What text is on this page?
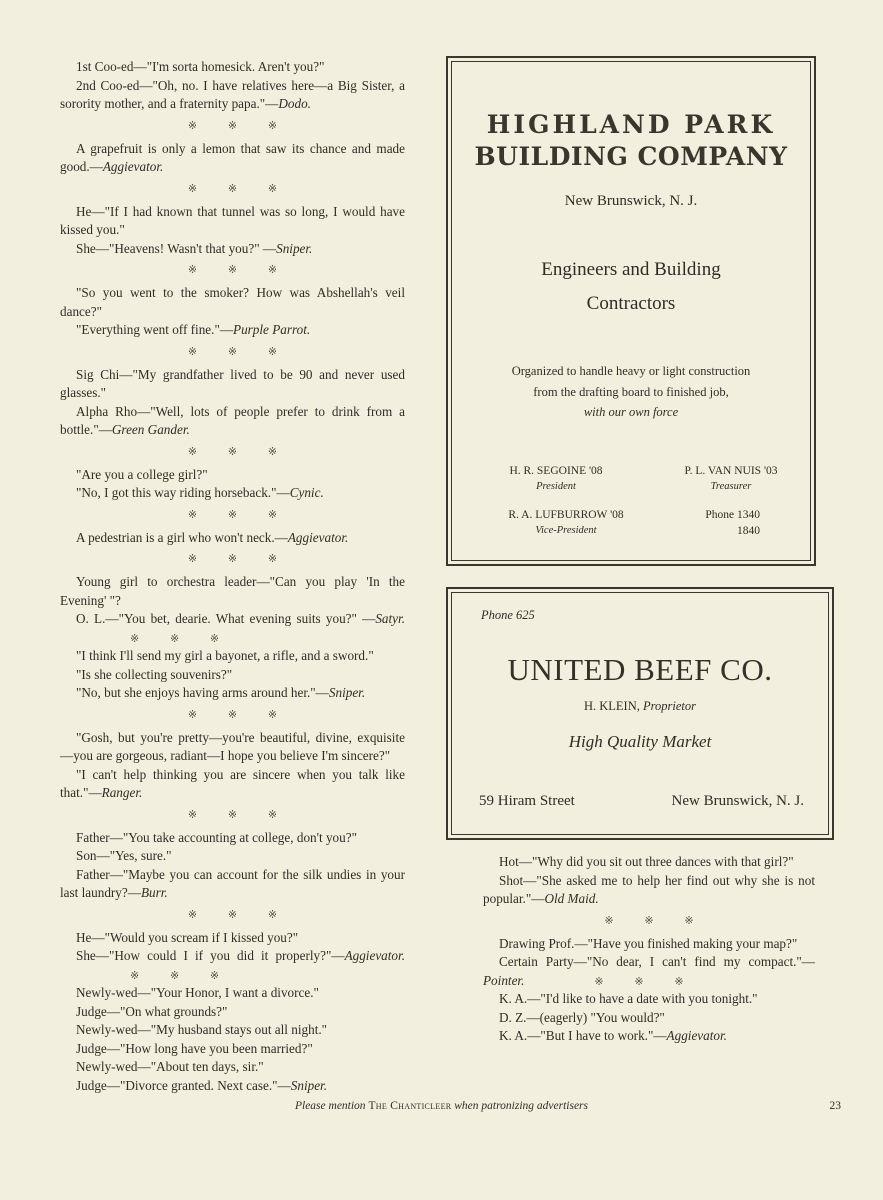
1st Coo-ed—"I'm sorta homesick. Aren't you?"

2nd Coo-ed—"Oh, no. I have relatives here—a Big Sister, a sorority mother, and a fraternity papa."—Dodo.

※ ※ ※

A grapefruit is only a lemon that saw its chance and made good.—Aggievator.

※ ※ ※

He—"If I had known that tunnel was so long, I would have kissed you."

She—"Heavens! Wasn't that you?" —Sniper.

※ ※ ※

"So you went to the smoker? How was Abshellah's veil dance?"

"Everything went off fine."—Purple Parrot.

※ ※ ※

Sig Chi—"My grandfather lived to be 90 and never used glasses."

Alpha Rho—"Well, lots of people prefer to drink from a bottle."—Green Gander.

※ ※ ※

"Are you a college girl?"

"No, I got this way riding horseback."—Cynic.

※ ※ ※

A pedestrian is a girl who won't neck.—Aggievator.

※ ※ ※

Young girl to orchestra leader—"Can you play 'In the Evening' "?

O. L.—"You bet, dearie. What evening suits you?" —Satyr.※ ※ ※

"I think I'll send my girl a bayonet, a rifle, and a sword."

"Is she collecting souvenirs?"

"No, but she enjoys having arms around her."—Sniper.

※ ※ ※

"Gosh, but you're pretty—you're beautiful, divine, exquisite—you are gorgeous, radiant—I hope you believe I'm sincere?"

"I can't help thinking you are sincere when you talk like that."—Ranger.

※ ※ ※

Father—"You take accounting at college, don't you?"

Son—"Yes, sure."

Father—"Maybe you can account for the silk undies in your last laundry?—Burr.

※ ※ ※

He—"Would you scream if I kissed you?"

She—"How could I if you did it properly?"—Aggievator.※ ※ ※

Newly-wed—"Your Honor, I want a divorce."

Judge—"On what grounds?"

Newly-wed—"My husband stays out all night."

Judge—"How long have you been married?"

Newly-wed—"About ten days, sir."

Judge—"Divorce granted. Next case."—Sniper.

HIGHLAND PARK
BUILDING COMPANY
New Brunswick, N. J.
Engineers and Building
Contractors
Organized to handle heavy or light construction
from the drafting board to finished job,
with our own force
H. R. SEGOINE '08
President
P. L. VAN NUIS '03
Treasurer
R. A. LUFBURROW '08
Vice-President
Phone 1340
1840
Phone 625
UNITED BEEF CO.
H. KLEIN, Proprietor
High Quality Market
59 Hiram Street	New Brunswick, N. J.

Hot—"Why did you sit out three dances with that girl?"

Shot—"She asked me to help her find out why she is not popular."—Old Maid.

※ ※ ※

Drawing Prof.—"Have you finished making your map?"

Certain Party—"No dear, I can't find my compact."— Pointer.	※ ※ ※

K. A.—"I'd like to have a date with you tonight."

D. Z.—(eagerly) "You would?"

K. A.—"But I have to work."—Aggievator.

Please mention The Chanticleer when patronizing advertisers	23
